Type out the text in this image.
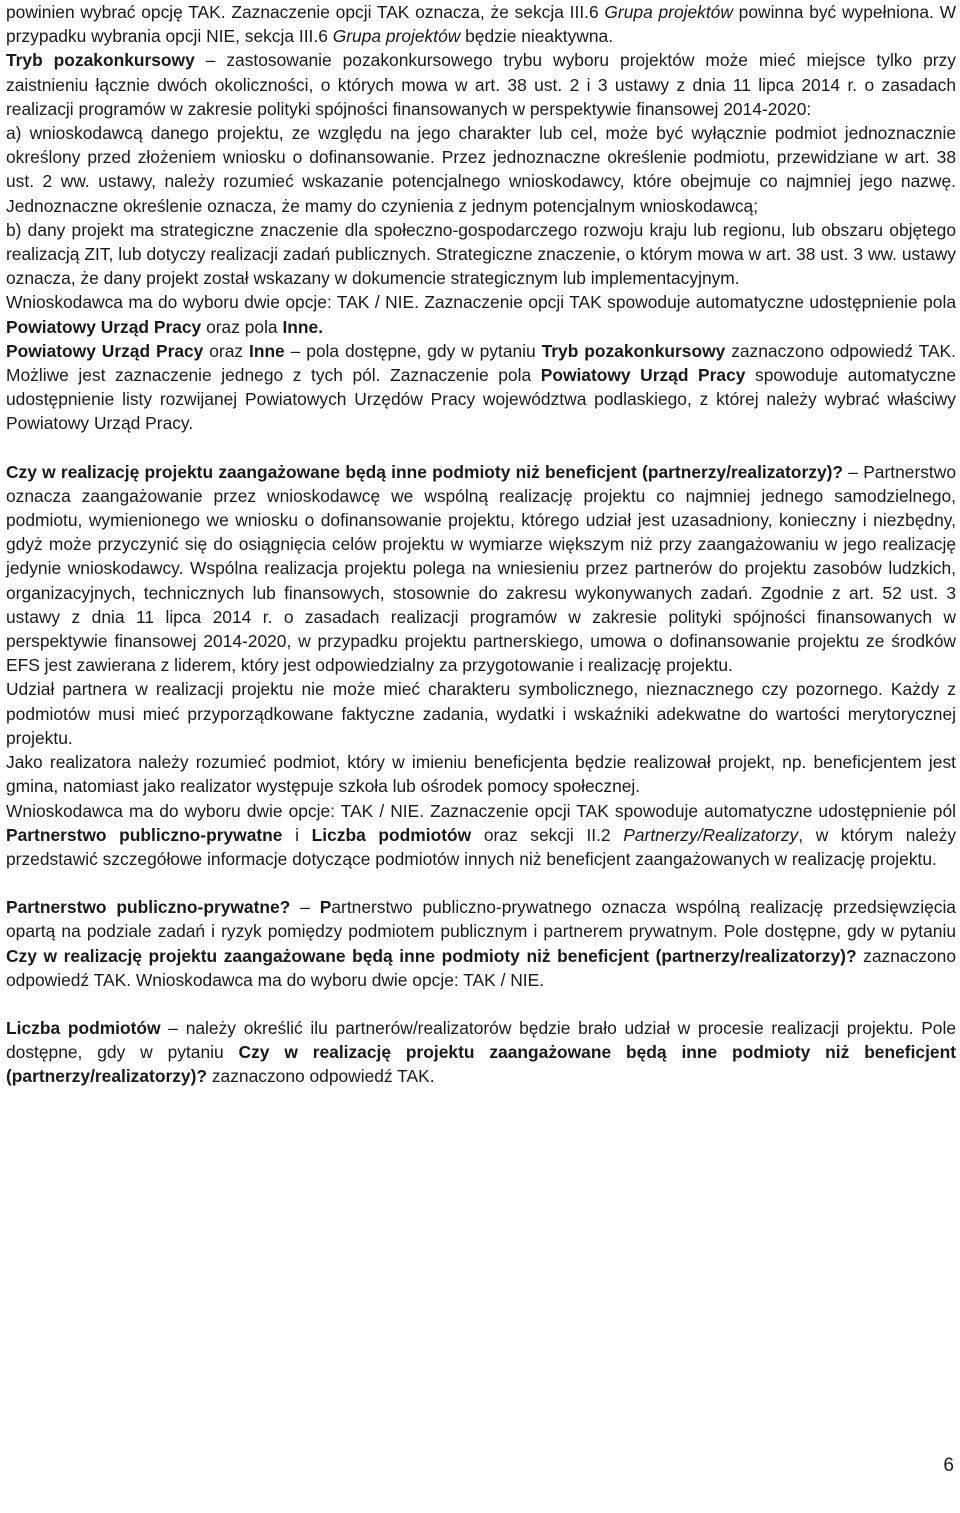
powinien wybrać opcję TAK. Zaznaczenie opcji TAK oznacza, że sekcja III.6 Grupa projektów powinna być wypełniona. W przypadku wybrania opcji NIE, sekcja III.6 Grupa projektów będzie nieaktywna.

Tryb pozakonkursowy – zastosowanie pozakonkursowego trybu wyboru projektów może mieć miejsce tylko przy zaistnieniu łącznie dwóch okoliczności, o których mowa w art. 38 ust. 2 i 3 ustawy z dnia 11 lipca 2014 r. o zasadach realizacji programów w zakresie polityki spójności finansowanych w perspektywie finansowej 2014-2020:

a) wnioskodawcą danego projektu, ze względu na jego charakter lub cel, może być wyłącznie podmiot jednoznacznie określony przed złożeniem wniosku o dofinansowanie. Przez jednoznaczne określenie podmiotu, przewidziane w art. 38 ust. 2 ww. ustawy, należy rozumieć wskazanie potencjalnego wnioskodawcy, które obejmuje co najmniej jego nazwę. Jednoznaczne określenie oznacza, że mamy do czynienia z jednym potencjalnym wnioskodawcą;

b) dany projekt ma strategiczne znaczenie dla społeczno-gospodarczego rozwoju kraju lub regionu, lub obszaru objętego realizacją ZIT, lub dotyczy realizacji zadań publicznych. Strategiczne znaczenie, o którym mowa w art. 38 ust. 3 ww. ustawy oznacza, że dany projekt został wskazany w dokumencie strategicznym lub implementacyjnym.

Wnioskodawca ma do wyboru dwie opcje: TAK / NIE. Zaznaczenie opcji TAK spowoduje automatyczne udostępnienie pola Powiatowy Urząd Pracy oraz pola Inne.

Powiatowy Urząd Pracy oraz Inne – pola dostępne, gdy w pytaniu Tryb pozakonkursowy zaznaczono odpowiedź TAK. Możliwe jest zaznaczenie jednego z tych pól. Zaznaczenie pola Powiatowy Urząd Pracy spowoduje automatyczne udostępnienie listy rozwijanej Powiatowych Urzędów Pracy województwa podlaskiego, z której należy wybrać właściwy Powiatowy Urząd Pracy.

Czy w realizację projektu zaangażowane będą inne podmioty niż beneficjent (partnerzy/realizatorzy)? – Partnerstwo oznacza zaangażowanie przez wnioskodawcę we wspólną realizację projektu co najmniej jednego samodzielnego, podmiotu, wymienionego we wniosku o dofinansowanie projektu, którego udział jest uzasadniony, konieczny i niezbędny, gdyż może przyczynić się do osiągnięcia celów projektu w wymiarze większym niż przy zaangażowaniu w jego realizację jedynie wnioskodawcy. Wspólna realizacja projektu polega na wniesieniu przez partnerów do projektu zasobów ludzkich, organizacyjnych, technicznych lub finansowych, stosownie do zakresu wykonywanych zadań. Zgodnie z art. 52 ust. 3 ustawy z dnia 11 lipca 2014 r. o zasadach realizacji programów w zakresie polityki spójności finansowanych w perspektywie finansowej 2014-2020, w przypadku projektu partnerskiego, umowa o dofinansowanie projektu ze środków EFS jest zawierana z liderem, który jest odpowiedzialny za przygotowanie i realizację projektu.

Udział partnera w realizacji projektu nie może mieć charakteru symbolicznego, nieznacznego czy pozornego. Każdy z podmiotów musi mieć przyporządkowane faktyczne zadania, wydatki i wskaźniki adekwatne do wartości merytorycznej projektu.

Jako realizatora należy rozumieć podmiot, który w imieniu beneficjenta będzie realizował projekt, np. beneficjentem jest gmina, natomiast jako realizator występuje szkoła lub ośrodek pomocy społecznej.

Wnioskodawca ma do wyboru dwie opcje: TAK / NIE. Zaznaczenie opcji TAK spowoduje automatyczne udostępnienie pól Partnerstwo publiczno-prywatne i Liczba podmiotów oraz sekcji II.2 Partnerzy/Realizatorzy, w którym należy przedstawić szczegółowe informacje dotyczące podmiotów innych niż beneficjent zaangażowanych w realizację projektu.

Partnerstwo publiczno-prywatne? – Partnerstwo publiczno-prywatnego oznacza wspólną realizację przedsięwzięcia opartą na podziale zadań i ryzyk pomiędzy podmiotem publicznym i partnerem prywatnym. Pole dostępne, gdy w pytaniu Czy w realizację projektu zaangażowane będą inne podmioty niż beneficjent (partnerzy/realizatorzy)? zaznaczono odpowiedź TAK. Wnioskodawca ma do wyboru dwie opcje: TAK / NIE.

Liczba podmiotów – należy określić ilu partnerów/realizatorów będzie brało udział w procesie realizacji projektu. Pole dostępne, gdy w pytaniu Czy w realizację projektu zaangażowane będą inne podmioty niż beneficjent (partnerzy/realizatorzy)? zaznaczono odpowiedź TAK.

6
